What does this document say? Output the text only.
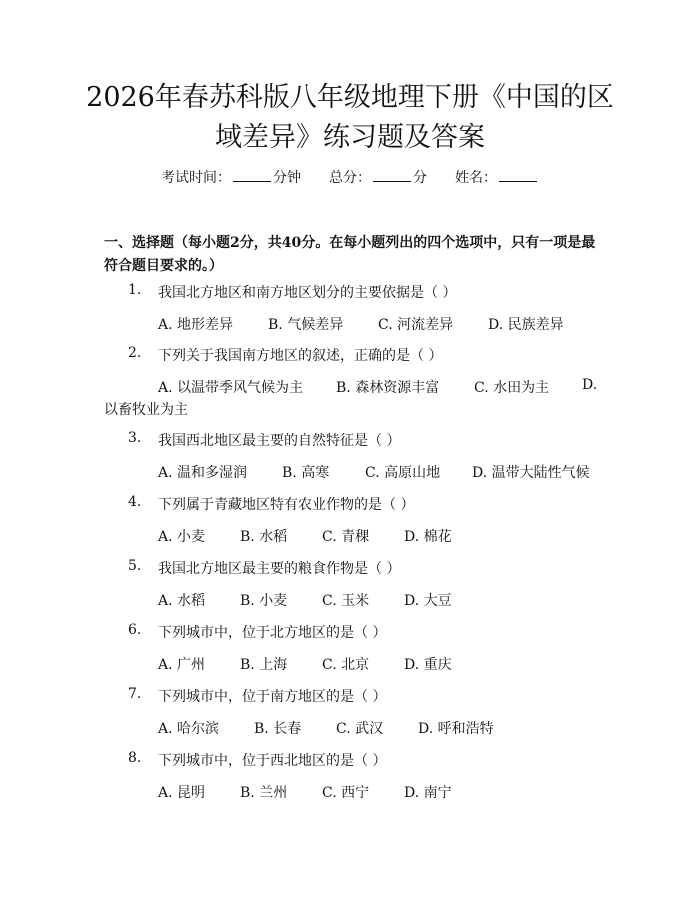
2026年春苏科版八年级地理下册《中国的区
域差异》练习题及答案
考试时间：	分钟 总分：	分 姓名：
一、选择题（每小题2分，共40分。在每小题列出的四个选项中，只有一项是最符合题目要求的。）
1. 我国北方地区和南方地区划分的主要依据是（ ）
A. 地形差异 B. 气候差异 C. 河流差异 D. 民族差异
2. 下列关于我国南方地区的叙述，正确的是（ ）
A. 以温带季风气候为主 B. 森林资源丰富 C. 水田为主 D.
以畜牧业为主
3. 我国西北地区最主要的自然特征是（ ）
A. 温和多湿润 B. 高寒	C. 高原山地 D. 温带大陆性气候
4. 下列属于青藏地区特有农业作物的是（ ）
A. 小麦 B. 水稻 C. 青稞 D. 棉花
5. 我国北方地区最主要的粮食作物是（ ）
A. 水稻 B. 小麦 C. 玉米 D. 大豆
6. 下列城市中，位于北方地区的是（ ）
A. 广州 B. 上海 C. 北京 D. 重庆
7. 下列城市中，位于南方地区的是（ ）
A. 哈尔滨 B. 长春 C. 武汉 D. 呼和浩特
8. 下列城市中，位于西北地区的是（ ）
A. 昆明 B. 兰州 C. 西宁 D. 南宁
